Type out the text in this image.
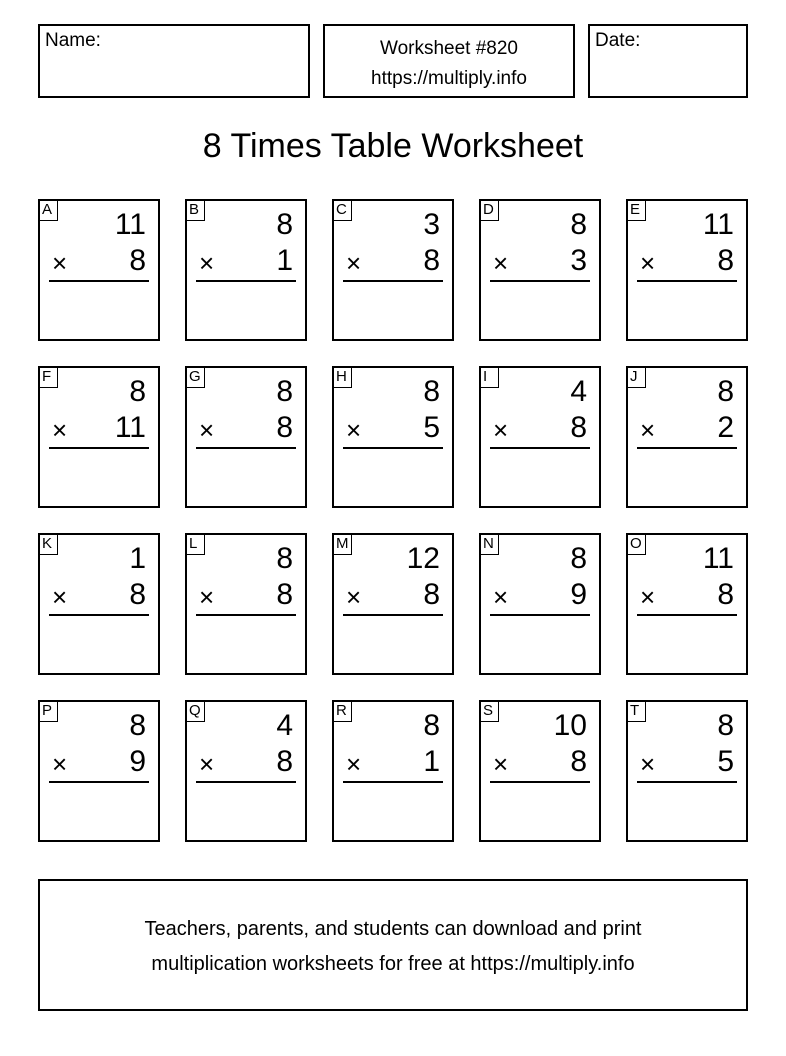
Name:	Worksheet #820
https://multiply.info
Date:
8 Times Table Worksheet
A 11
× 8
B	8
× 1
C	3
× 8
D	8
× 3
E 11
× 8
F	8
× 11
G	8
× 8
H	8
× 5
I	4
× 8
J	8
× 2
K	1
× 8
L	8
× 8
M 12
× 8
N	8
× 9
O 11
× 8
P	8
× 9
Q	4
× 8
R	8
× 1
S 10
× 8
T	8
× 5
Teachers, parents, and students can download and print
multiplication worksheets for free at https://multiply.info
